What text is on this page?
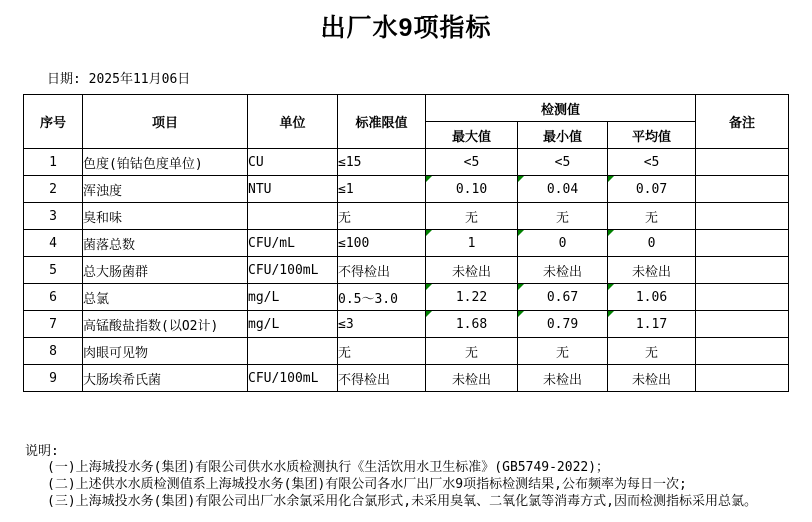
出厂水9项指标
日期: 2025年11月06日
序号	项目	单位	标准限值	检测值			备注
				最大值	最小值	平均值	
1	色度(铂钴色度单位)	CU	≤15	<5	<5	<5	
2	浑浊度	NTU	≤1	0.10	0.04	0.07	
3	臭和味		无	无	无	无	
4	菌落总数	CFU/mL	≤100	1	0	0	
5	总大肠菌群	CFU/100mL	不得检出	未检出	未检出	未检出	
6	总氯	mg/L	0.5～3.0	1.22	0.67	1.06	
7	高锰酸盐指数(以O2计)	mg/L	≤3	1.68	0.79	1.17	
8	肉眼可见物		无	无	无	无	
9	大肠埃希氏菌	CFU/100mL	不得检出	未检出	未检出	未检出	
说明:
(一)上海城投水务(集团)有限公司供水水质检测执行《生活饮用水卫生标准》(GB5749-2022)；
(二)上述供水水质检测值系上海城投水务(集团)有限公司各水厂出厂水9项指标检测结果,公布频率为每日一次;
(三)上海城投水务(集团)有限公司出厂水余氯采用化合氯形式,未采用臭氧、二氧化氯等消毒方式,因而检测指标采用总氯。
